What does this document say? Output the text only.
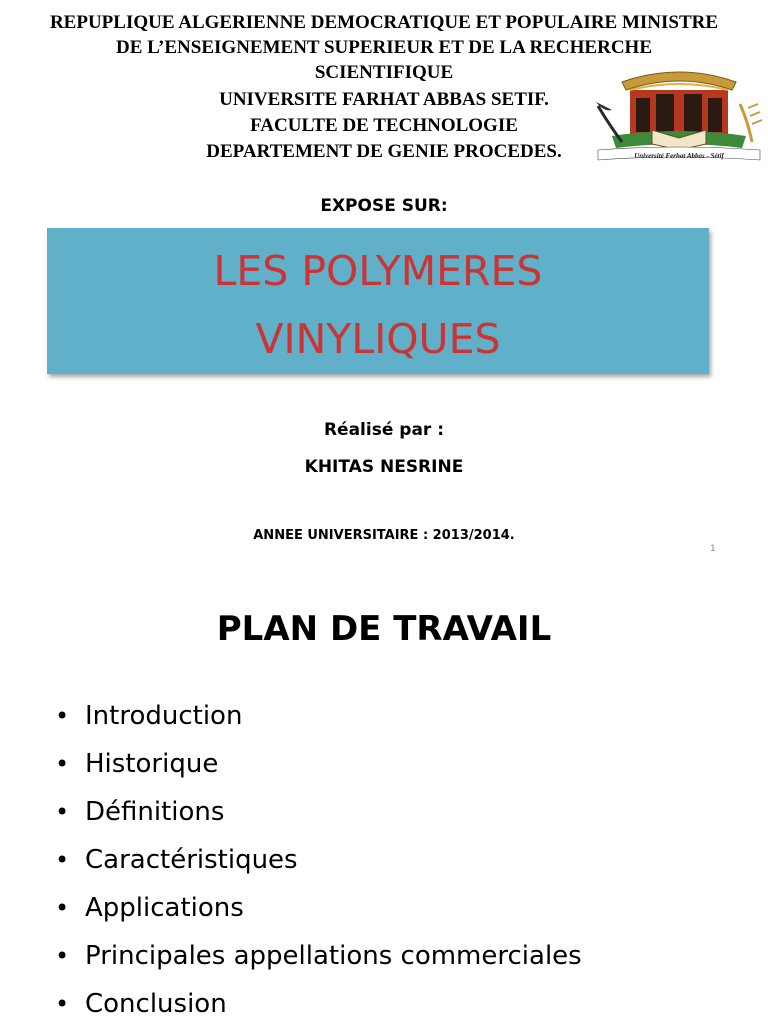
REPUPLIQUE ALGERIENNE DEMOCRATIQUE ET POPULAIRE MINISTRE
DE L’ENSEIGNEMENT SUPERIEUR ET DE LA RECHERCHE
SCIENTIFIQUE
UNIVERSITE FARHAT ABBAS SETIF.
FACULTE DE TECHNOLOGIE
DEPARTEMENT DE GENIE PROCEDES.	Université Ferhat Abbas - Sétif
EXPOSE SUR:
LES POLYMERES
VINYLIQUES
Réalisé par :
KHITAS NESRINE
ANNEE UNIVERSITAIRE : 2013/2014.
1
PLAN DE TRAVAIL
• Introduction
• Historique
• Définitions
• Caractéristiques
• Applications
• Principales appellations commerciales
• Conclusion
